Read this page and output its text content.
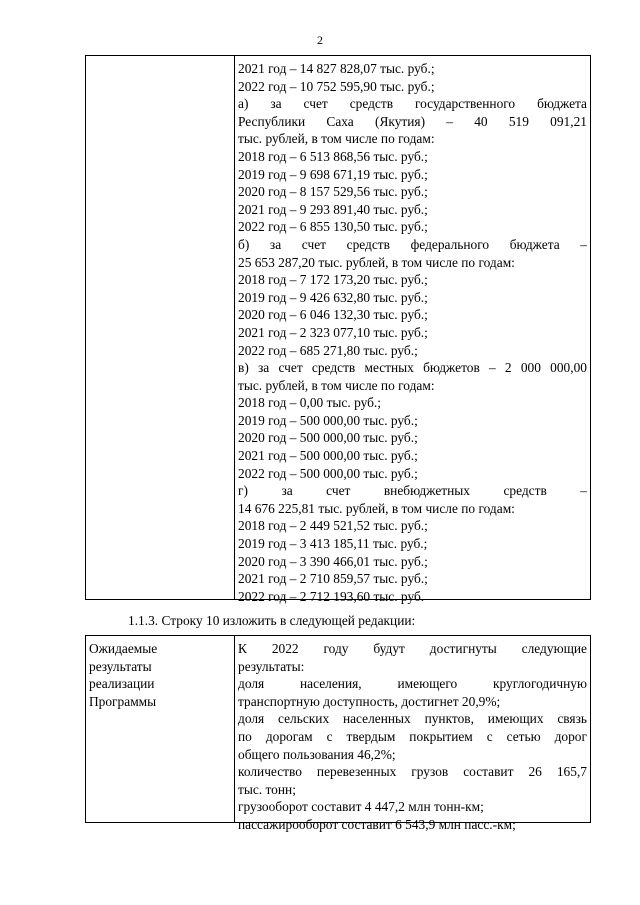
2
2021 год – 14 827 828,07 тыс. руб.;
2022 год – 10 752 595,90 тыс. руб.;
а) за счет средств государственного бюджета
Республики Саха (Якутия) – 40 519 091,21
тыс. рублей, в том числе по годам:
2018 год – 6 513 868,56 тыс. руб.;
2019 год – 9 698 671,19 тыс. руб.;
2020 год – 8 157 529,56 тыс. руб.;
2021 год – 9 293 891,40 тыс. руб.;
2022 год – 6 855 130,50 тыс. руб.;
б) за счет средств федерального бюджета –
25 653 287,20 тыс. рублей, в том числе по годам:
2018 год – 7 172 173,20 тыс. руб.;
2019 год – 9 426 632,80 тыс. руб.;
2020 год – 6 046 132,30 тыс. руб.;
2021 год – 2 323 077,10 тыс. руб.;
2022 год – 685 271,80 тыс. руб.;
в) за счет средств местных бюджетов – 2 000 000,00
тыс. рублей, в том числе по годам:
2018 год – 0,00 тыс. руб.;
2019 год – 500 000,00 тыс. руб.;
2020 год – 500 000,00 тыс. руб.;
2021 год – 500 000,00 тыс. руб.;
2022 год – 500 000,00 тыс. руб.;
г) за счет внебюджетных средств –
14 676 225,81 тыс. рублей, в том числе по годам:
2018 год – 2 449 521,52 тыс. руб.;
2019 год – 3 413 185,11 тыс. руб.;
2020 год – 3 390 466,01 тыс. руб.;
2021 год – 2 710 859,57 тыс. руб.;
2022 год – 2 712 193,60 тыс. руб.
1.1.3. Строку 10 изложить в следующей редакции:
Ожидаемые
результаты
реализации
Программы
К 2022 году будут достигнуты следующие
результаты:
доля населения, имеющего круглогодичную
транспортную доступность, достигнет 20,9%;
доля сельских населенных пунктов, имеющих связь
по дорогам с твердым покрытием с сетью дорог
общего пользования 46,2%;
количество перевезенных грузов составит 26 165,7
тыс. тонн;
грузооборот составит 4 447,2 млн тонн-км;
пассажирооборот составит 6 543,9 млн пасс.-км;
